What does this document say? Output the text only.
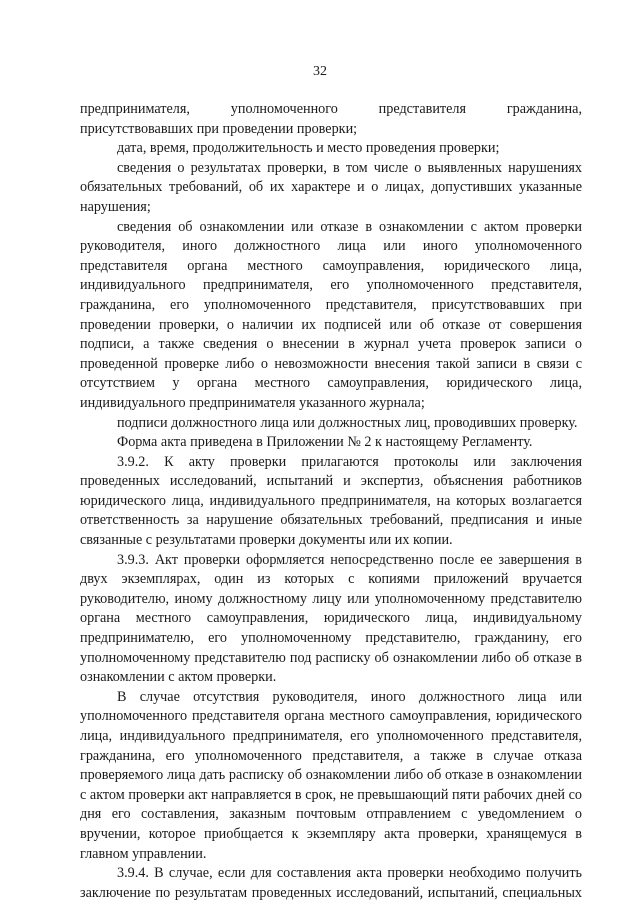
32

предпринимателя, уполномоченного представителя гражданина, присутствовавших при проведении проверки;

дата, время, продолжительность и место проведения проверки;

сведения о результатах проверки, в том числе о выявленных нарушениях обязательных требований, об их характере и о лицах, допустивших указанные нарушения;

сведения об ознакомлении или отказе в ознакомлении с актом проверки руководителя, иного должностного лица или иного уполномоченного представителя органа местного самоуправления, юридического лица, индивидуального предпринимателя, его уполномоченного представителя, гражданина, его уполномоченного представителя, присутствовавших при проведении проверки, о наличии их подписей или об отказе от совершения подписи, а также сведения о внесении в журнал учета проверок записи о проведенной проверке либо о невозможности внесения такой записи в связи с отсутствием у органа местного самоуправления, юридического лица, индивидуального предпринимателя указанного журнала;

подписи должностного лица или должностных лиц, проводивших проверку.

Форма акта приведена в Приложении № 2 к настоящему Регламенту.

3.9.2. К акту проверки прилагаются протоколы или заключения проведенных исследований, испытаний и экспертиз, объяснения работников юридического лица, индивидуального предпринимателя, на которых возлагается ответственность за нарушение обязательных требований, предписания и иные связанные с результатами проверки документы или их копии.

3.9.3. Акт проверки оформляется непосредственно после ее завершения в двух экземплярах, один из которых с копиями приложений вручается руководителю, иному должностному лицу или уполномоченному представителю органа местного самоуправления, юридического лица, индивидуальному предпринимателю, его уполномоченному представителю, гражданину, его уполномоченному представителю под расписку об ознакомлении либо об отказе в ознакомлении с актом проверки.

В случае отсутствия руководителя, иного должностного лица или уполномоченного представителя органа местного самоуправления, юридического лица, индивидуального предпринимателя, его уполномоченного представителя, гражданина, его уполномоченного представителя, а также в случае отказа проверяемого лица дать расписку об ознакомлении либо об отказе в ознакомлении с актом проверки акт направляется в срок, не превышающий пяти рабочих дней со дня его составления, заказным почтовым отправлением с уведомлением о вручении, которое приобщается к экземпляру акта проверки, хранящемуся в главном управлении.

3.9.4. В случае, если для составления акта проверки необходимо получить заключение по результатам проведенных исследований, испытаний, специальных
